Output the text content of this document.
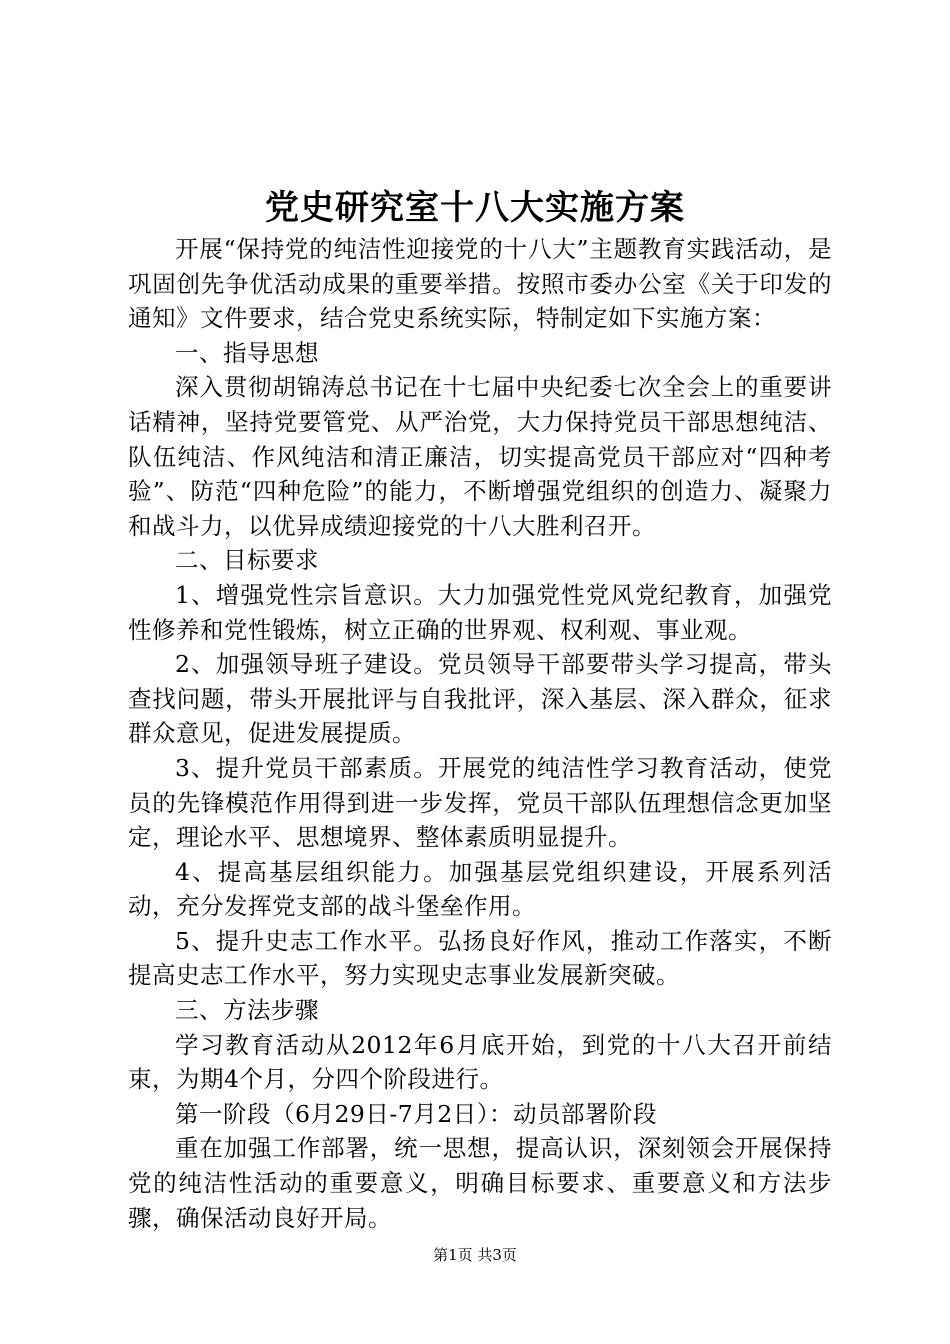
党史研究室十八大实施方案

开展“保持党的纯洁性迎接党的十八大”主题教育实践活动，是巩固创先争优活动成果的重要举措。按照市委办公室《关于印发的通知》文件要求，结合党史系统实际，特制定如下实施方案：

一、指导思想

深入贯彻胡锦涛总书记在十七届中央纪委七次全会上的重要讲话精神，坚持党要管党、从严治党，大力保持党员干部思想纯洁、队伍纯洁、作风纯洁和清正廉洁，切实提高党员干部应对“四种考验”、防范“四种危险”的能力，不断增强党组织的创造力、凝聚力和战斗力，以优异成绩迎接党的十八大胜利召开。

二、目标要求

1、增强党性宗旨意识。大力加强党性党风党纪教育，加强党性修养和党性锻炼，树立正确的世界观、权利观、事业观。

2、加强领导班子建设。党员领导干部要带头学习提高，带头查找问题，带头开展批评与自我批评，深入基层、深入群众，征求群众意见，促进发展提质。

3、提升党员干部素质。开展党的纯洁性学习教育活动，使党员的先锋模范作用得到进一步发挥，党员干部队伍理想信念更加坚定，理论水平、思想境界、整体素质明显提升。

4、提高基层组织能力。加强基层党组织建设，开展系列活动，充分发挥党支部的战斗堡垒作用。

5、提升史志工作水平。弘扬良好作风，推动工作落实，不断提高史志工作水平，努力实现史志事业发展新突破。

三、方法步骤

学习教育活动从2012年6月底开始，到党的十八大召开前结束，为期4个月，分四个阶段进行。

第一阶段（6月29日-7月2日）：动员部署阶段

重在加强工作部署，统一思想，提高认识，深刻领会开展保持党的纯洁性活动的重要意义，明确目标要求、重要意义和方法步骤，确保活动良好开局。

第1页 共3页
